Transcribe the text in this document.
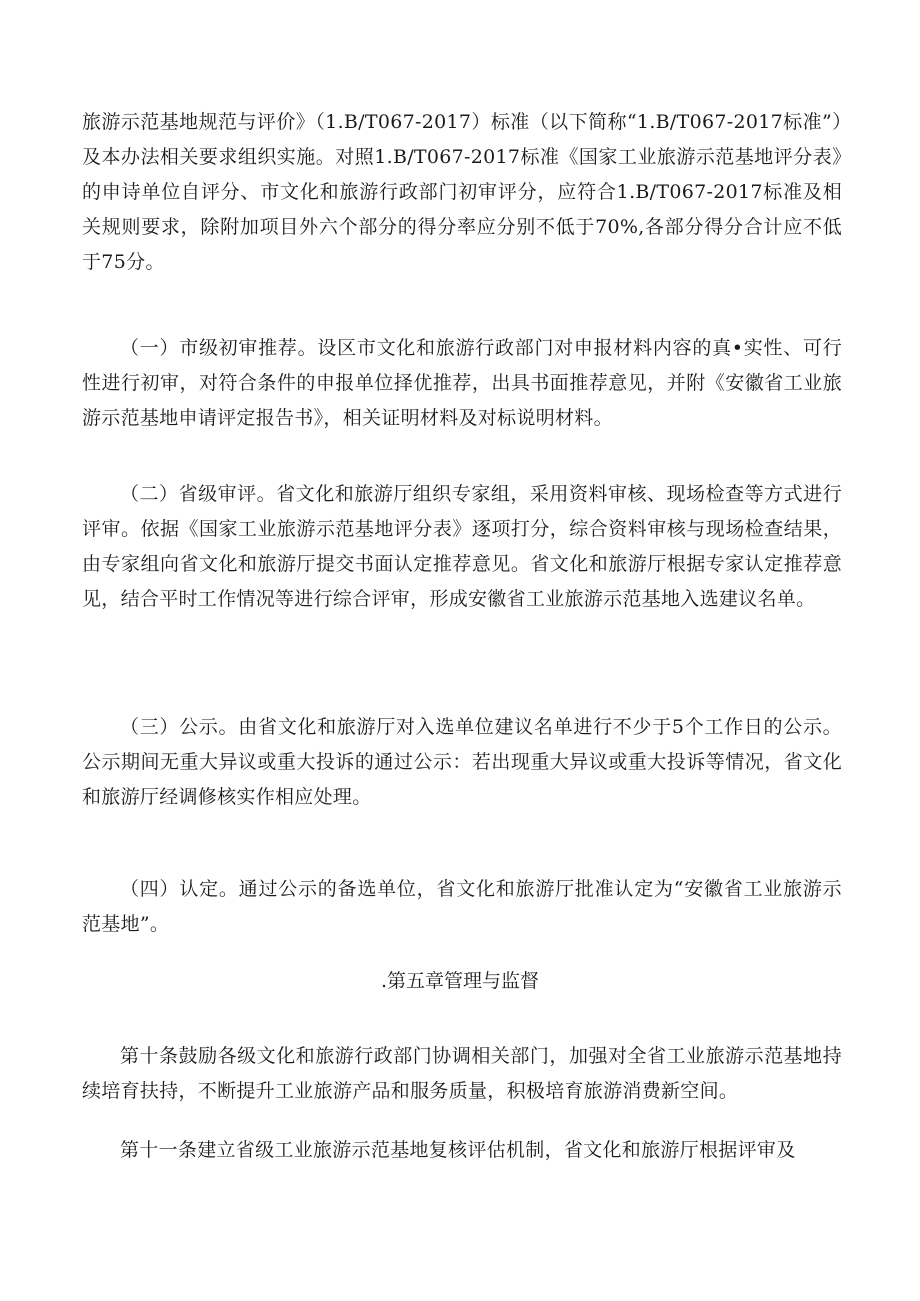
旅游示范基地规范与评价》（1.B/T067-2017）标准（以下简称“1.B/T067-2017标准”）及本办法相关要求组织实施。对照1.B/T067-2017标准《国家工业旅游示范基地评分表》的申诗单位自评分、市文化和旅游行政部门初审评分，应符合1.B/T067-2017标准及相关规则要求，除附加项目外六个部分的得分率应分别不低于70%,各部分得分合计应不低于75分。

（一）市级初审推荐。设区市文化和旅游行政部门对申报材料内容的真•实性、可行性进行初审，对符合条件的申报单位择优推荐，出具书面推荐意见，并附《安徽省工业旅游示范基地申请评定报告书》，相关证明材料及对标说明材料。

（二）省级审评。省文化和旅游厅组织专家组，采用资料审核、现场检查等方式进行评审。依据《国家工业旅游示范基地评分表》逐项打分，综合资料审核与现场检查结果，由专家组向省文化和旅游厅提交书面认定推荐意见。省文化和旅游厅根据专家认定推荐意见，结合平时工作情况等进行综合评审，形成安徽省工业旅游示范基地入选建议名单。

（三）公示。由省文化和旅游厅对入选单位建议名单进行不少于5个工作日的公示。公示期间无重大异议或重大投诉的通过公示：若出现重大异议或重大投诉等情况，省文化和旅游厅经调修核实作相应处理。

（四）认定。通过公示的备选单位，省文化和旅游厅批准认定为“安徽省工业旅游示范基地”。

.第五章管理与监督

第十条鼓励各级文化和旅游行政部门协调相关部门，加强对全省工业旅游示范基地持续培育扶持，不断提升工业旅游产品和服务质量，积极培育旅游消费新空间。

第十一条建立省级工业旅游示范基地复核评估机制，省文化和旅游厅根据评审及
